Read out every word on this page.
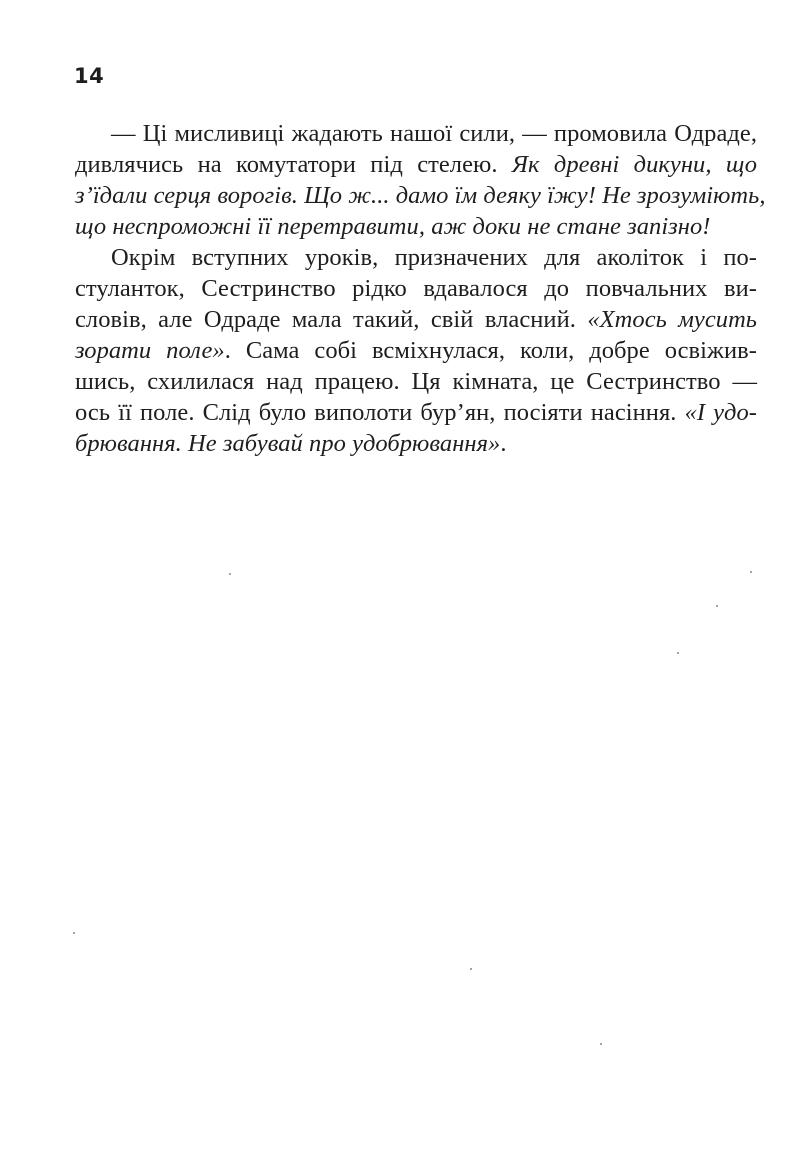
14
— Ці мисливиці жадають нашої сили, — промовила Одраде,
дивлячись на комутатори під стелею. Як древні дикуни, що
з’їдали серця ворогів. Що ж... дамо їм деяку їжу! Не зрозуміють,
що неспроможні її перетравити, аж доки не стане запізно!
Окрім вступних уроків, призначених для аколіток і по-
стуланток, Сестринство рідко вдавалося до повчальних ви-
словів, але Одраде мала такий, свій власний. «Хтось мусить
зорати поле». Сама собі всміхнулася, коли, добре освіжив-
шись, схилилася над працею. Ця кімната, це Сестринство —
ось її поле. Слід було виполоти бур’ян, посіяти насіння. «І удо-
брювання. Не забувай про удобрювання».
